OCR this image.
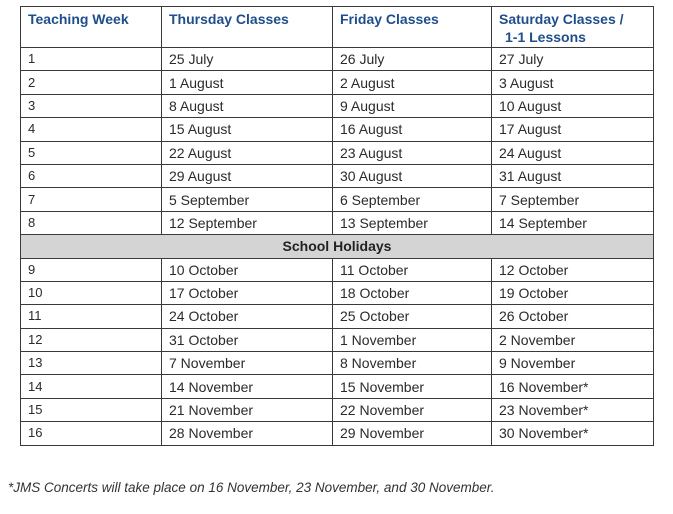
Teaching Week	Thursday Classes	Friday Classes	Saturday Classes /
1-1 Lessons

1	25 July	26 July	27 July
2	1 August	2 August	3 August
3	8 August	9 August	10 August
4	15 August	16 August	17 August
5	22 August	23 August	24 August
6	29 August	30 August	31 August
7	5 September	6 September	7 September
8	12 September	13 September	14 September
School Holidays			
9	10 October	11 October	12 October
10	17 October	18 October	19 October
11	24 October	25 October	26 October
12	31 October	1 November	2 November
13	7 November	8 November	9 November
14	14 November	15 November	16 November*
15	21 November	22 November	23 November*
16	28 November	29 November	30 November*
*JMS Concerts will take place on 16 November, 23 November, and 30 November.
